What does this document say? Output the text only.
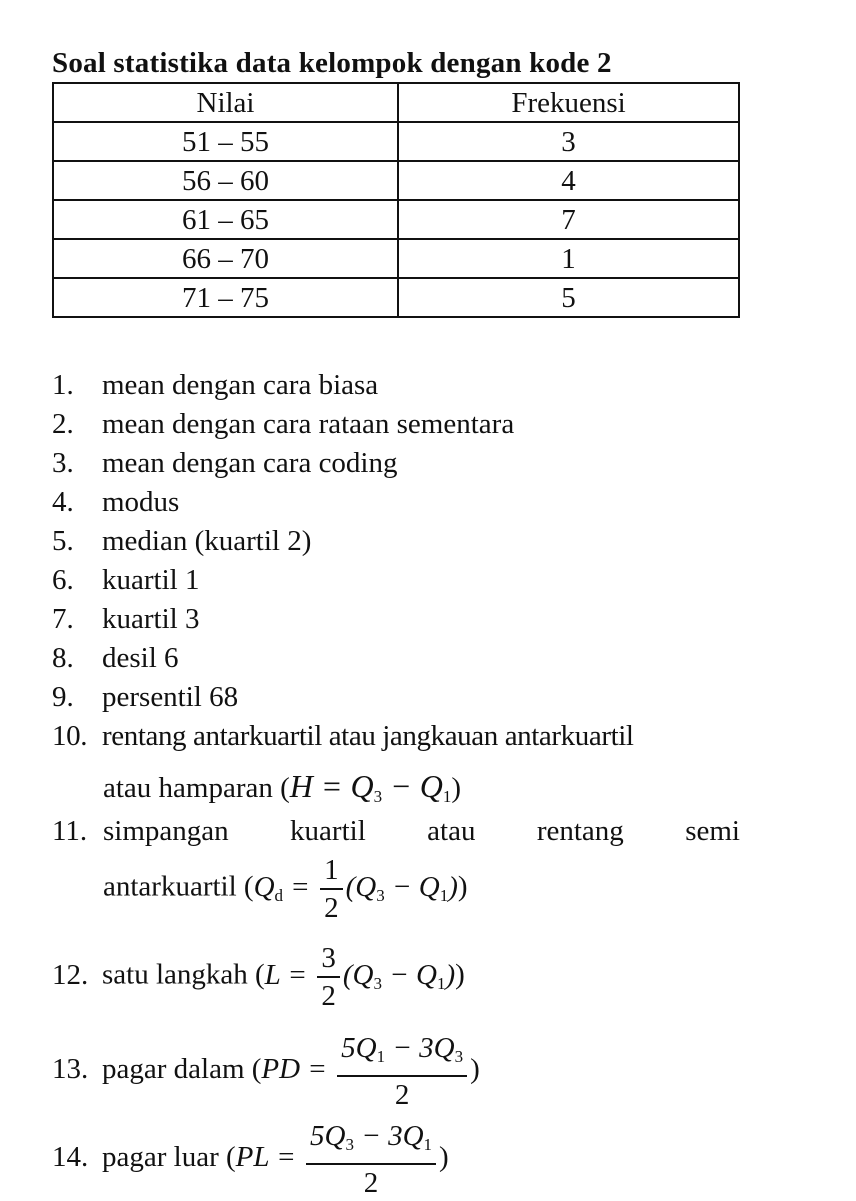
Soal statistika data kelompok dengan kode 2
Nilai	Frekuensi
51 – 55	3
56 – 60	4
61 – 65	7
66 – 70	1
71 – 75	5
1. mean dengan cara biasa
2. mean dengan cara rataan sementara
3. mean dengan cara coding
4. modus
5. median (kuartil 2)
6. kuartil 1
7. kuartil 3
8. desil 6
9. persentil 68
10. rentang antarkuartil atau jangkauan antarkuartil
atau hamparan $(H = Q_3 - Q_1)$
11. simpangan kuartil atau rentang semi
antarkuartil $(Q_d = \frac{1}{2} (Q_3 - Q_1))$
12. satu langkah $(L = \frac{3}{2} (Q_3 - Q_1))$
13. pagar dalam ($PD = \frac{5Q_1 - 3Q_3}{2}$ )
14. pagar luar ($PL = \frac{5Q_3 - 3Q_1}{2}$ )
